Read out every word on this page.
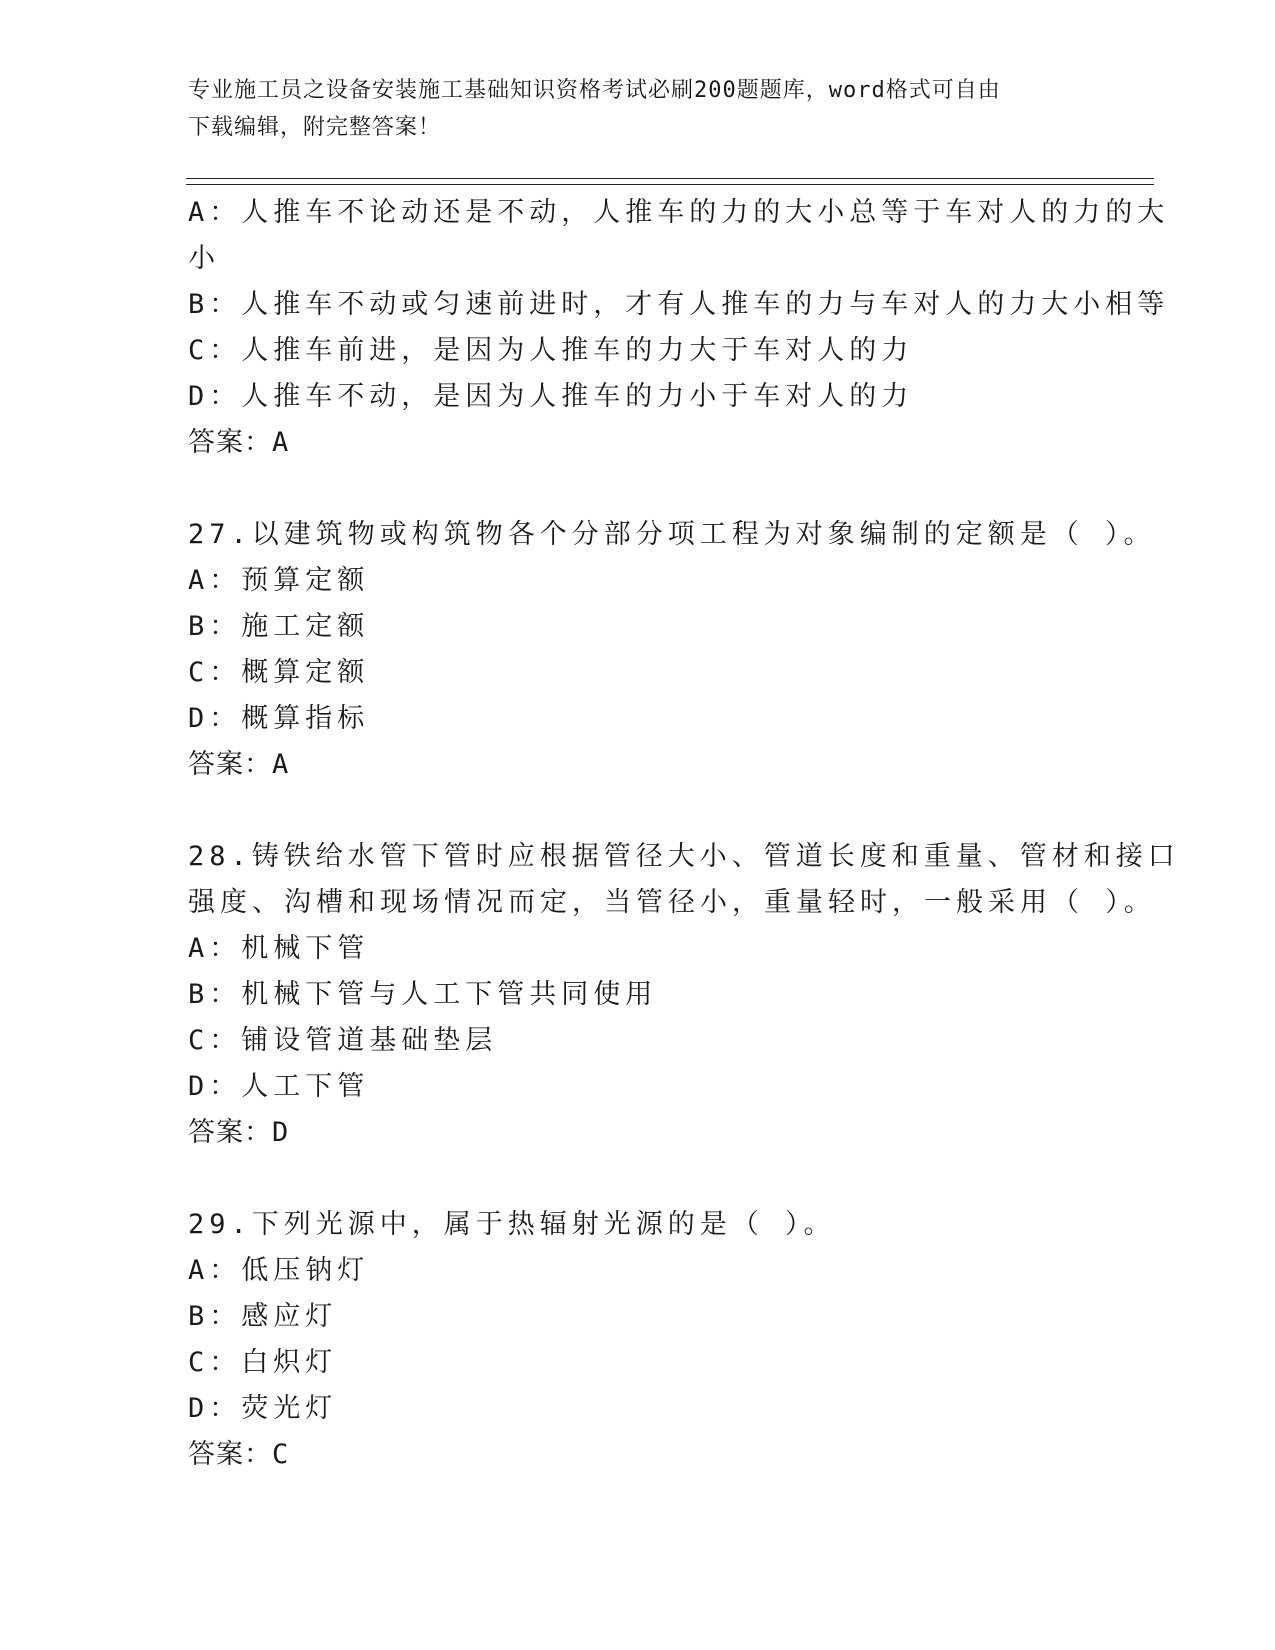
专业施工员之设备安装施工基础知识资格考试必刷200题题库，word格式可自由
下载编辑，附完整答案！
A：人推车不论动还是不动，人推车的力的大小总等于车对人的力的大
小
B：人推车不动或匀速前进时，才有人推车的力与车对人的力大小相等
C：人推车前进，是因为人推车的力大于车对人的力
D：人推车不动，是因为人推车的力小于车对人的力
答案：A
27.以建筑物或构筑物各个分部分项工程为对象编制的定额是（ ）。
A：预算定额
B：施工定额
C：概算定额
D：概算指标
答案：A
28.铸铁给水管下管时应根据管径大小、管道长度和重量、管材和接口
强度、沟槽和现场情况而定，当管径小，重量轻时，一般采用（ ）。
A：机械下管
B：机械下管与人工下管共同使用
C：铺设管道基础垫层
D：人工下管
答案：D
29.下列光源中，属于热辐射光源的是（ ）。
A：低压钠灯
B：感应灯
C：白炽灯
D：荧光灯
答案：C
